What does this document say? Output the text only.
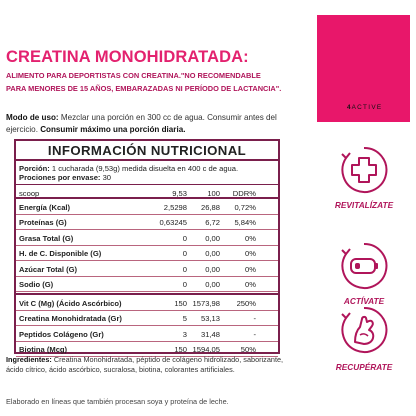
CREATINA MONOHIDRATADA:
ALIMENTO PARA DEPORTISTAS CON CREATINA."NO RECOMENDABLE
PARA MENORES DE 15 AÑOS, EMBARAZADAS NI PERÍODO DE LACTANCIA".
Modo de uso: Mezclar una porción en 300 cc de agua. Consumir antes del ejercicio. Consumir máximo una porción diaria.
INFORMACIÓN NUTRICIONAL
Porción: 1 cucharada (9,53g) medida disuelta en 400 c de agua.
Prociones por envase: 30
scoop	9,53	100 DDR%
Energía (Kcal)	2,5298 26,88 0,72%
Proteínas (G)	0,63245 6,72 5,84%
Grasa Total (G)	0 0,00	0%
H. de C. Disponible (G)	0 0,00	0%
Azúcar Total (G)	0 0,00	0%
Sodio (G)	0 0,00	0%
Vit C (Mg) (Ácido Ascórbico)	150 1573,98 250%
Creatina Monohidratada (Gr)	5 53,13	-
Peptidos Colágeno (Gr)	3 31,48	-
Biotina (Mcg)	150 1594,05	50%
Ingredientes: Creatina Monohidratada, péptido de colágeno hidrolizado, saborizante, ácido cítrico, ácido ascórbico, sucralosa, biotina, colorantes artificiales.
Elaborado en líneas que también procesan soya y proteína de leche.
4ACTIVE
REVITALÍZATE
ACTÍVATE
RECUPÉRATE
